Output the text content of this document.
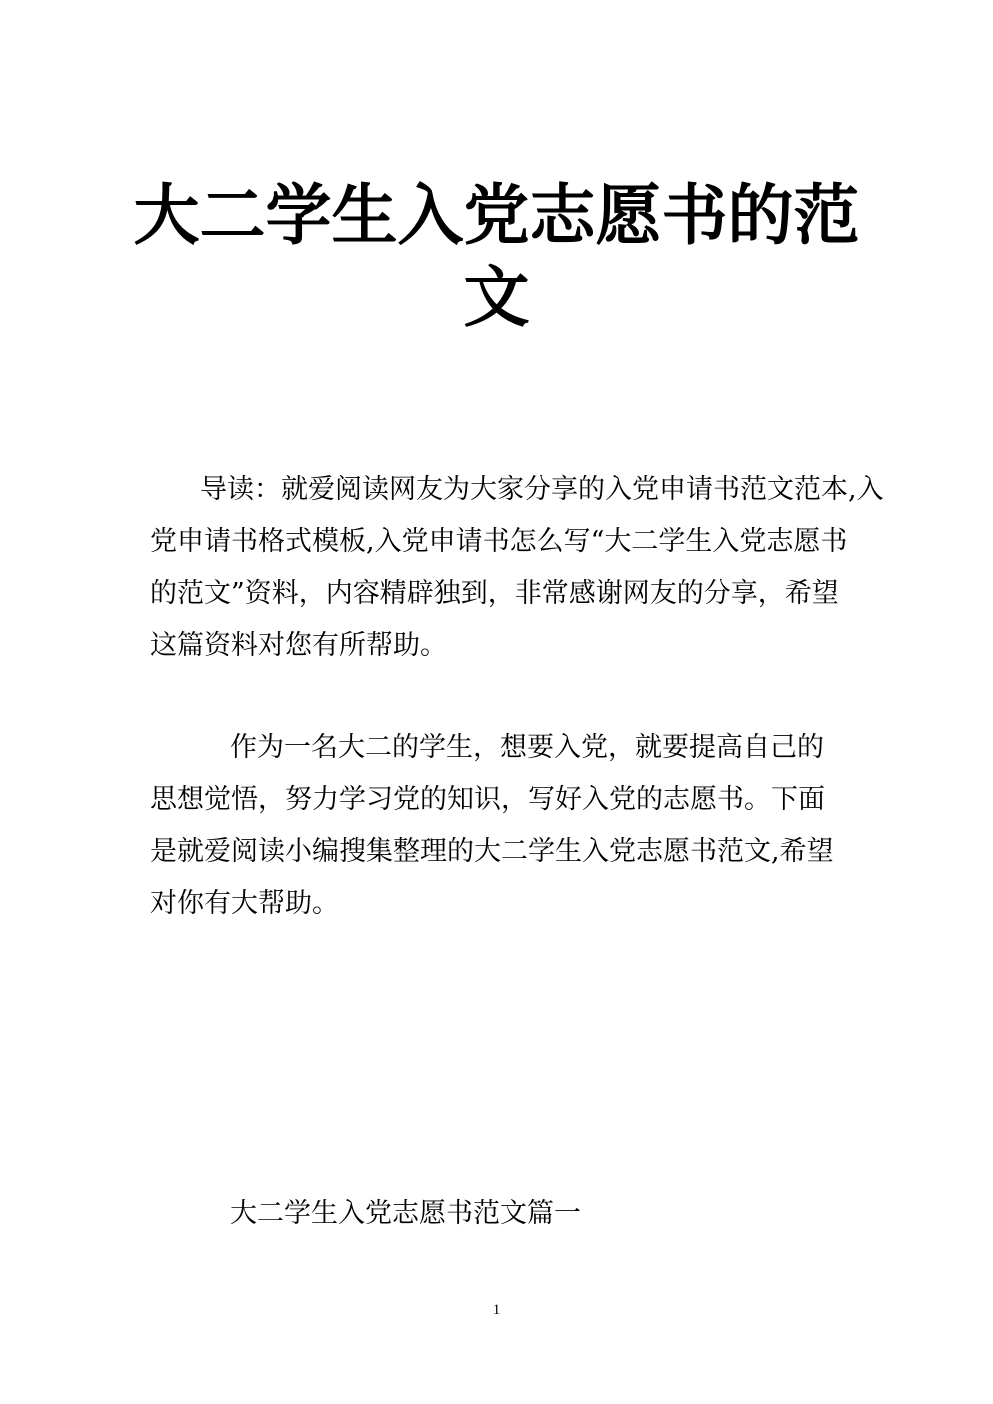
大二学生入党志愿书的范
文
导读：就爱阅读网友为大家分享的入党申请书范文范本,入
党申请书格式模板,入党申请书怎么写“大二学生入党志愿书
的范文”资料，内容精辟独到，非常感谢网友的分享，希望
这篇资料对您有所帮助。
作为一名大二的学生，想要入党，就要提高自己的
思想觉悟，努力学习党的知识，写好入党的志愿书。下面
是就爱阅读小编搜集整理的大二学生入党志愿书范文,希望
对你有大帮助。
大二学生入党志愿书范文篇一
1
